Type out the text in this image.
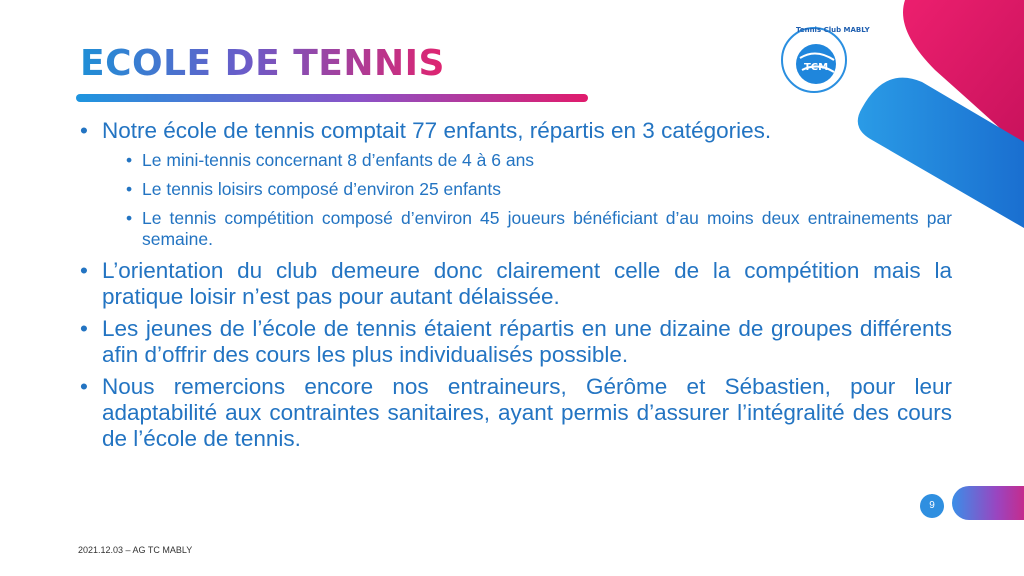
ECOLE DE TENNIS
Tennis Club MABLY
TCM
• Notre école de tennis comptait 77 enfants, répartis en 3 catégories.
• Le mini-tennis concernant 8 d’enfants de 4 à 6 ans
• Le tennis loisirs composé d’environ 25 enfants
• Le tennis compétition composé d’environ 45 joueurs bénéficiant d’au moins deux entrainements par semaine.
• L’orientation du club demeure donc clairement celle de la compétition mais la pratique loisir n’est pas pour autant délaissée.
• Les jeunes de l’école de tennis étaient répartis en une dizaine de groupes différents afin d’offrir des cours les plus individualisés possible.
• Nous remercions encore nos entraineurs, Gérôme et Sébastien, pour leur adaptabilité aux contraintes sanitaires, ayant permis d’assurer l’intégralité des cours de l’école de tennis.
9
2021.12.03 – AG TC MABLY
